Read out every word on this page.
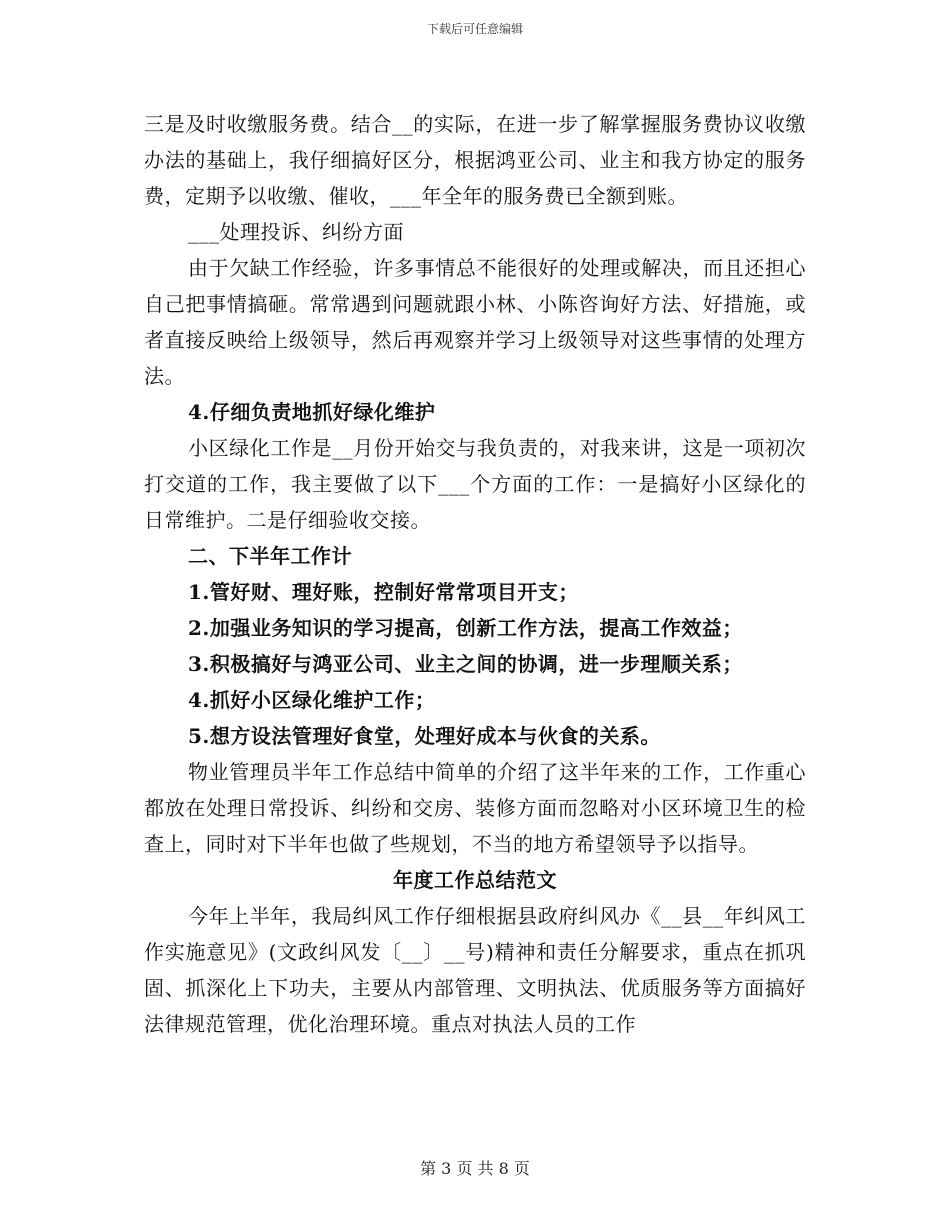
下载后可任意编辑

三是及时收缴服务费。结合__的实际，在进一步了解掌握服务费协议收缴办法的基础上，我仔细搞好区分，根据鸿亚公司、业主和我方协定的服务费，定期予以收缴、催收，___年全年的服务费已全额到账。

___处理投诉、纠纷方面

由于欠缺工作经验，许多事情总不能很好的处理或解决，而且还担心自己把事情搞砸。常常遇到问题就跟小林、小陈咨询好方法、好措施，或者直接反映给上级领导，然后再观察并学习上级领导对这些事情的处理方法。

4.仔细负责地抓好绿化维护

小区绿化工作是__月份开始交与我负责的，对我来讲，这是一项初次打交道的工作，我主要做了以下___个方面的工作：一是搞好小区绿化的日常维护。二是仔细验收交接。

二、下半年工作计

1.管好财、理好账，控制好常常项目开支；

2.加强业务知识的学习提高，创新工作方法，提高工作效益；

3.积极搞好与鸿亚公司、业主之间的协调，进一步理顺关系；

4.抓好小区绿化维护工作；

5.想方设法管理好食堂，处理好成本与伙食的关系。

物业管理员半年工作总结中简单的介绍了这半年来的工作，工作重心都放在处理日常投诉、纠纷和交房、装修方面而忽略对小区环境卫生的检查上，同时对下半年也做了些规划，不当的地方希望领导予以指导。

年度工作总结范文

今年上半年，我局纠风工作仔细根据县政府纠风办《__县__年纠风工作实施意见》(文政纠风发〔__〕__号)精神和责任分解要求，重点在抓巩固、抓深化上下功夫，主要从内部管理、文明执法、优质服务等方面搞好法律规范管理，优化治理环境。重点对执法人员的工作

第 3 页 共 8 页
